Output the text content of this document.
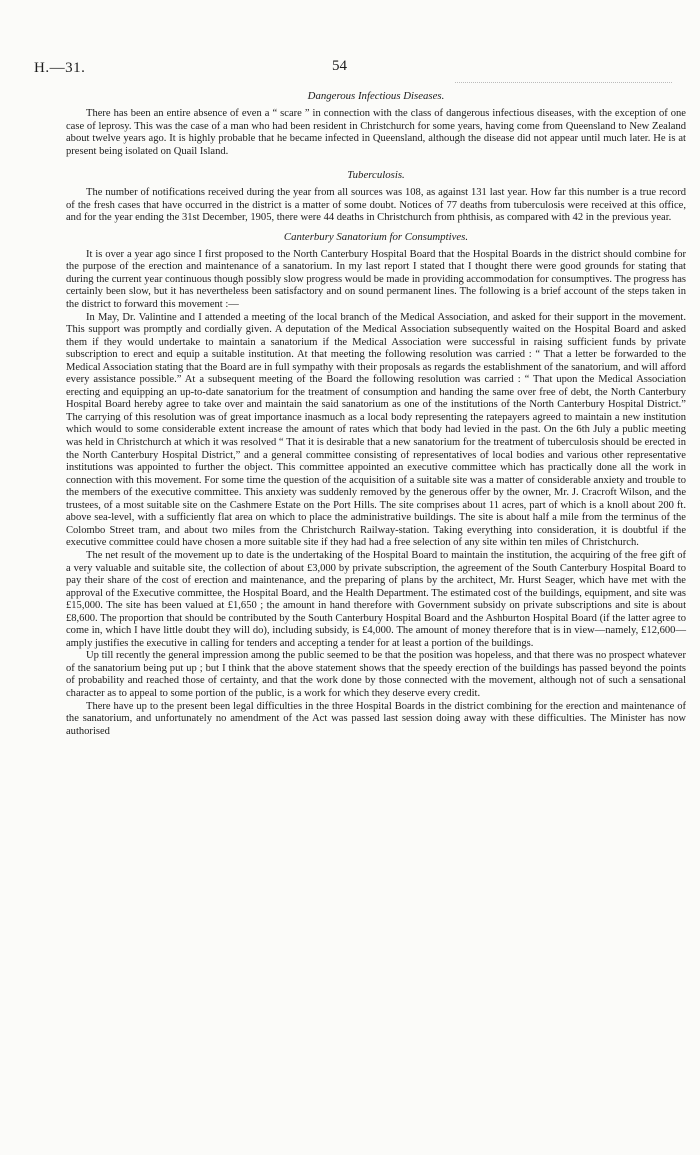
H.—31.	54
Dangerous Infectious Diseases.

There has been an entire absence of even a “ scare ” in connection with the class of dangerous infectious diseases, with the exception of one case of leprosy. This was the case of a man who had been resident in Christchurch for some years, having come from Queensland to New Zealand about twelve years ago. It is highly probable that he became infected in Queensland, although the disease did not appear until much later. He is at present being isolated on Quail Island.

Tuberculosis.

The number of notifications received during the year from all sources was 108, as against 131 last year. How far this number is a true record of the fresh cases that have occurred in the district is a matter of some doubt. Notices of 77 deaths from tuberculosis were received at this office, and for the year ending the 31st December, 1905, there were 44 deaths in Christchurch from phthisis, as compared with 42 in the previous year.

Canterbury Sanatorium for Consumptives.

It is over a year ago since I first proposed to the North Canterbury Hospital Board that the Hospital Boards in the district should combine for the purpose of the erection and maintenance of a sanatorium. In my last report I stated that I thought there were good grounds for stating that during the current year continuous though possibly slow progress would be made in providing accommodation for consumptives. The progress has certainly been slow, but it has nevertheless been satisfactory and on sound permanent lines. The following is a brief account of the steps taken in the district to forward this movement :—

In May, Dr. Valintine and I attended a meeting of the local branch of the Medical Association, and asked for their support in the movement. This support was promptly and cordially given. A deputation of the Medical Association subsequently waited on the Hospital Board and asked them if they would undertake to maintain a sanatorium if the Medical Association were successful in raising sufficient funds by private subscription to erect and equip a suitable institution. At that meeting the following resolution was carried : “ That a letter be forwarded to the Medical Association stating that the Board are in full sympathy with their proposals as regards the establishment of the sanatorium, and will afford every assistance possible.” At a subsequent meeting of the Board the following resolution was carried : “ That upon the Medical Association erecting and equipping an up-to-date sanatorium for the treatment of consumption and handing the same over free of debt, the North Canterbury Hospital Board hereby agree to take over and maintain the said sanatorium as one of the institutions of the North Canterbury Hospital District.” The carrying of this resolution was of great importance inasmuch as a local body representing the ratepayers agreed to maintain a new institution which would to some considerable extent increase the amount of rates which that body had levied in the past. On the 6th July a public meeting was held in Christchurch at which it was resolved “ That it is desirable that a new sanatorium for the treatment of tuberculosis should be erected in the North Canterbury Hospital District,” and a general committee consisting of representatives of local bodies and various other representative institutions was appointed to further the object. This committee appointed an executive committee which has practically done all the work in connection with this movement. For some time the question of the acquisition of a suitable site was a matter of considerable anxiety and trouble to the members of the executive committee. This anxiety was suddenly removed by the generous offer by the owner, Mr. J. Cracroft Wilson, and the trustees, of a most suitable site on the Cashmere Estate on the Port Hills. The site comprises about 11 acres, part of which is a knoll about 200 ft. above sea-level, with a sufficiently flat area on which to place the administrative buildings. The site is about half a mile from the terminus of the Colombo Street tram, and about two miles from the Christchurch Railway-station. Taking everything into consideration, it is doubtful if the executive committee could have chosen a more suitable site if they had had a free selection of any site within ten miles of Christchurch.

The net result of the movement up to date is the undertaking of the Hospital Board to maintain the institution, the acquiring of the free gift of a very valuable and suitable site, the collection of about £3,000 by private subscription, the agreement of the South Canterbury Hospital Board to pay their share of the cost of erection and maintenance, and the preparing of plans by the architect, Mr. Hurst Seager, which have met with the approval of the Executive committee, the Hospital Board, and the Health Department. The estimated cost of the buildings, equipment, and site was £15,000. The site has been valued at £1,650 ; the amount in hand therefore with Government subsidy on private subscriptions and site is about £8,600. The proportion that should be contributed by the South Canterbury Hospital Board and the Ashburton Hospital Board (if the latter agree to come in, which I have little doubt they will do), including subsidy, is £4,000. The amount of money therefore that is in view—namely, £12,600—amply justifies the executive in calling for tenders and accepting a tender for at least a portion of the buildings.

Up till recently the general impression among the public seemed to be that the position was hopeless, and that there was no prospect whatever of the sanatorium being put up ; but I think that the above statement shows that the speedy erection of the buildings has passed beyond the points of probability and reached those of certainty, and that the work done by those connected with the movement, although not of such a sensational character as to appeal to some portion of the public, is a work for which they deserve every credit.

There have up to the present been legal difficulties in the three Hospital Boards in the district combining for the erection and maintenance of the sanatorium, and unfortunately no amendment of the Act was passed last session doing away with these difficulties. The Minister has now authorised
